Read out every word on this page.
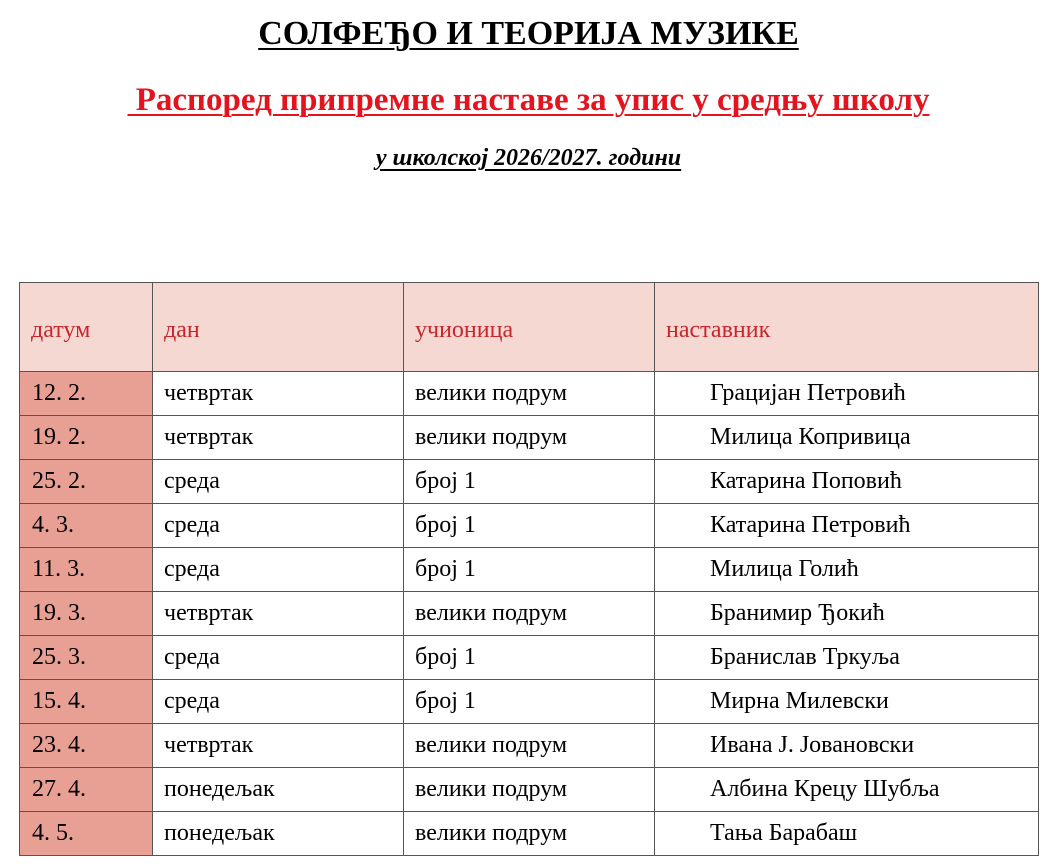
СОЛФЕЂО И ТЕОРИЈА МУЗИКЕ
Распоред припремне наставе за упис у средњу школу
у школској 2026/2027. години
датум	дан	учионица	наставник
12. 2.	четвртак	велики подрум	Грацијан Петровић
19. 2.	четвртак	велики подрум	Милица Копривица
25. 2.	среда	број 1	Катарина Поповић
4. 3.	среда	број 1	Катарина Петровић
11. 3.	среда	број 1	Милица Голић
19. 3.	четвртак	велики подрум	Бранимир Ђокић
25. 3.	среда	број 1	Бранислав Тркуља
15. 4.	среда	број 1	Мирна Милевски
23. 4.	четвртак	велики подрум	Ивана Ј. Јовановски
27. 4.	понедељак	велики подрум	Албина Крецу Шубља
4. 5.	понедељак	велики подрум	Тања Барабаш
